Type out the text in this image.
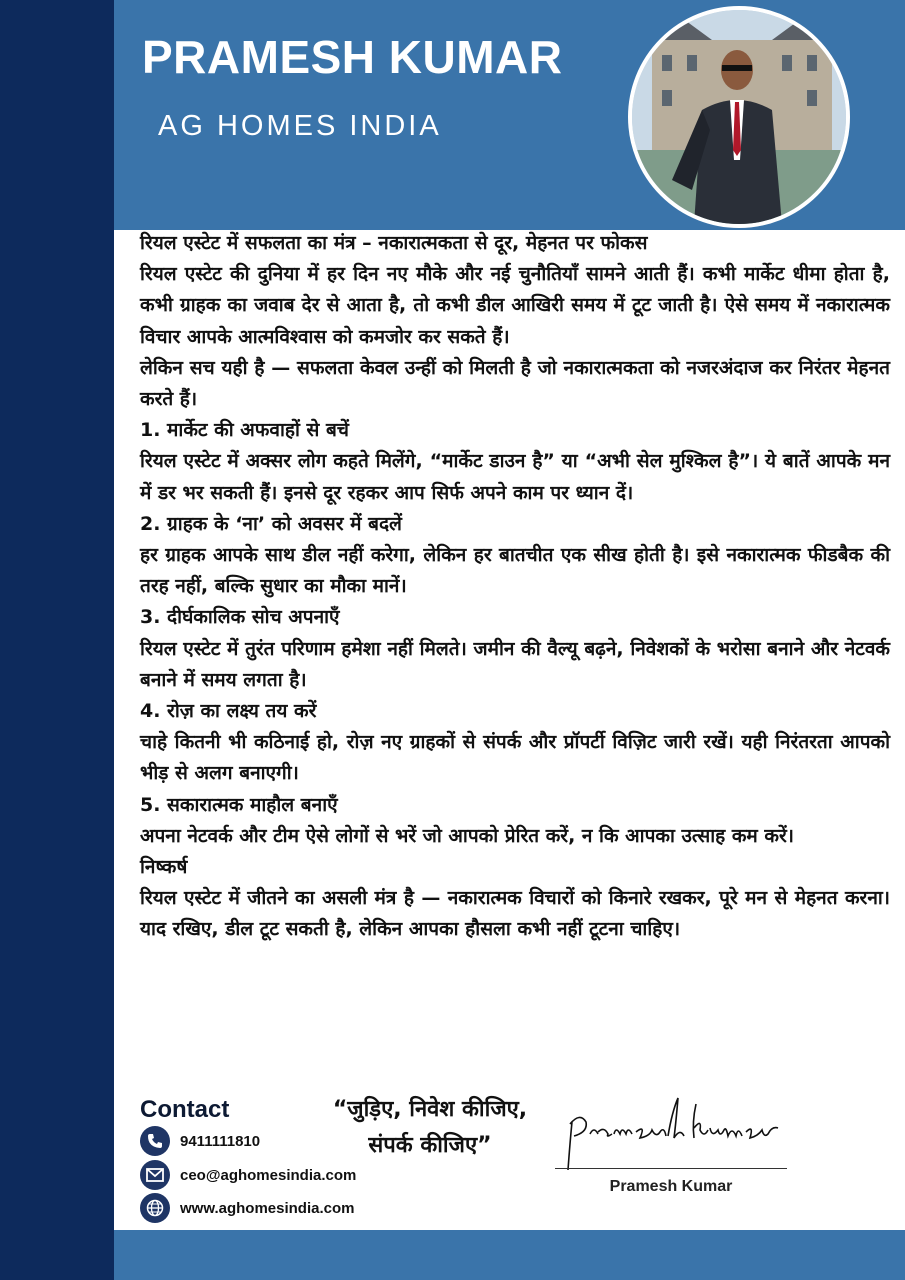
PRAMESH KUMAR
AG HOMES INDIA

रियल एस्टेट में सफलता का मंत्र – नकारात्मकता से दूर, मेहनत पर फोकस

रियल एस्टेट की दुनिया में हर दिन नए मौके और नई चुनौतियाँ सामने आती हैं। कभी मार्केट धीमा होता है, कभी ग्राहक का जवाब देर से आता है, तो कभी डील आखिरी समय में टूट जाती है। ऐसे समय में नकारात्मक विचार आपके आत्मविश्वास को कमजोर कर सकते हैं।

लेकिन सच यही है — सफलता केवल उन्हीं को मिलती है जो नकारात्मकता को नजरअंदाज कर निरंतर मेहनत करते हैं।

1. मार्केट की अफवाहों से बचें

रियल एस्टेट में अक्सर लोग कहते मिलेंगे, “मार्केट डाउन है” या “अभी सेल मुश्किल है”। ये बातें आपके मन में डर भर सकती हैं। इनसे दूर रहकर आप सिर्फ अपने काम पर ध्यान दें।

2. ग्राहक के ‘ना’ को अवसर में बदलें

हर ग्राहक आपके साथ डील नहीं करेगा, लेकिन हर बातचीत एक सीख होती है। इसे नकारात्मक फीडबैक की तरह नहीं, बल्कि सुधार का मौका मानें।

3. दीर्घकालिक सोच अपनाएँ

रियल एस्टेट में तुरंत परिणाम हमेशा नहीं मिलते। जमीन की वैल्यू बढ़ने, निवेशकों के भरोसा बनाने और नेटवर्क बनाने में समय लगता है।

4. रोज़ का लक्ष्य तय करें

चाहे कितनी भी कठिनाई हो, रोज़ नए ग्राहकों से संपर्क और प्रॉपर्टी विज़िट जारी रखें। यही निरंतरता आपको भीड़ से अलग बनाएगी।

5. सकारात्मक माहौल बनाएँ

अपना नेटवर्क और टीम ऐसे लोगों से भरें जो आपको प्रेरित करें, न कि आपका उत्साह कम करें।

निष्कर्ष

रियल एस्टेट में जीतने का असली मंत्र है — नकारात्मक विचारों को किनारे रखकर, पूरे मन से मेहनत करना। याद रखिए, डील टूट सकती है, लेकिन आपका हौसला कभी नहीं टूटना चाहिए।

Contact
9411111810
ceo@aghomesindia.com
www.aghomesindia.com
“जुड़िए, निवेश कीजिए,
संपर्क कीजिए”
Pramesh Kumar
